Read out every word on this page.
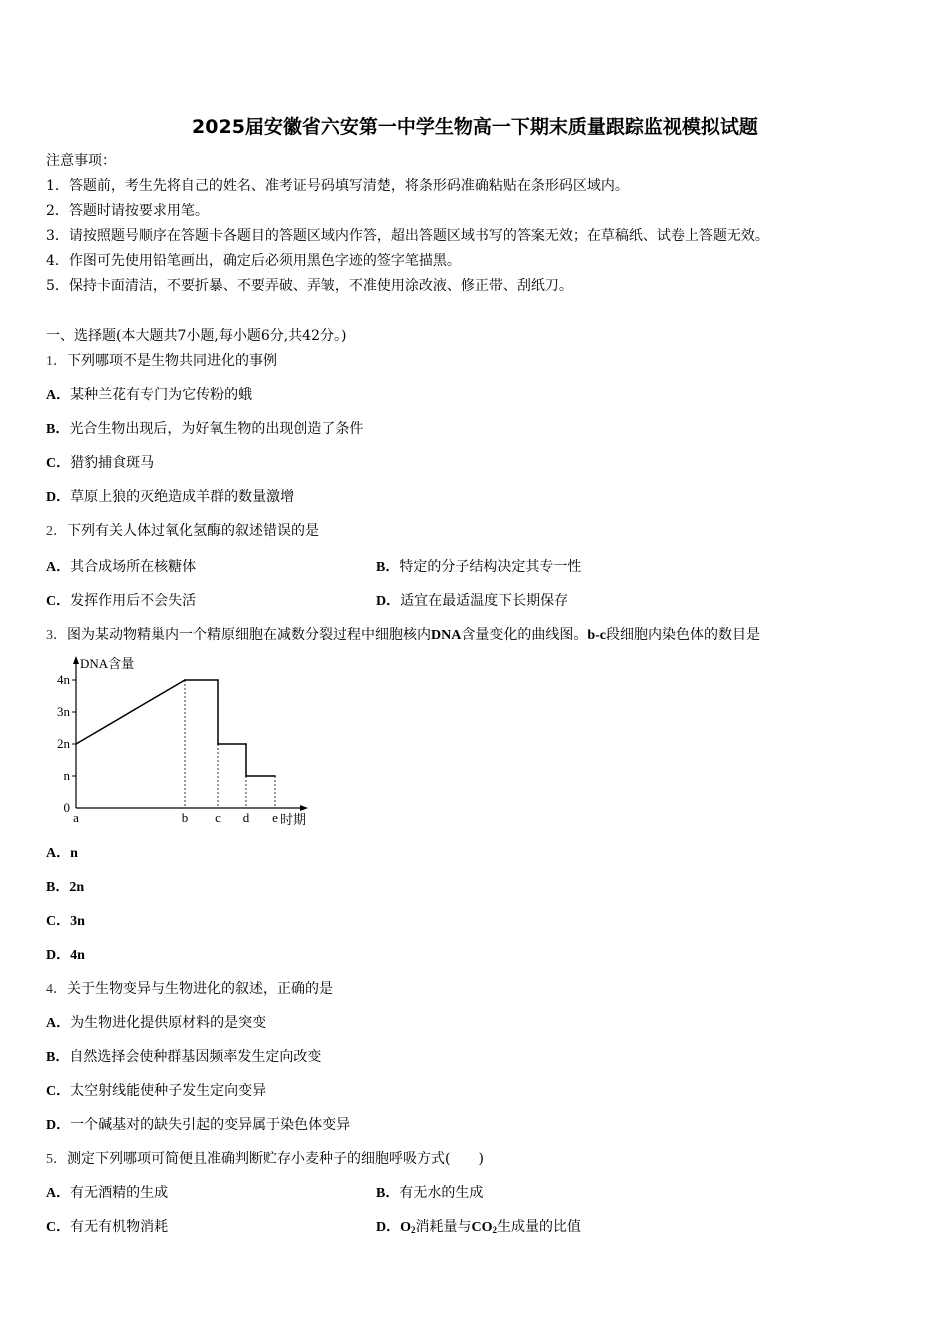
2025届安徽省六安第一中学生物高一下期末质量跟踪监视模拟试题
注意事项：
1．答题前，考生先将自己的姓名、准考证号码填写清楚，将条形码准确粘贴在条形码区域内。
2．答题时请按要求用笔。
3．请按照题号顺序在答题卡各题目的答题区域内作答，超出答题区域书写的答案无效；在草稿纸、试卷上答题无效。
4．作图可先使用铅笔画出，确定后必须用黑色字迹的签字笔描黑。
5．保持卡面清洁，不要折暴、不要弄破、弄皱，不准使用涂改液、修正带、刮纸刀。
一、选择题(本大题共7小题,每小题6分,共42分。)
1．下列哪项不是生物共同进化的事例
A．某种兰花有专门为它传粉的蛾
B．光合生物出现后，为好氧生物的出现创造了条件
C．猎豹捕食斑马
D．草原上狼的灭绝造成羊群的数量激增
2．下列有关人体过氧化氢酶的叙述错误的是
A．其合成场所在核糖体	B．特定的分子结构决定其专一性
C．发挥作用后不会失活	D．适宜在最适温度下长期保存
3．图为某动物精巢内一个精原细胞在减数分裂过程中细胞核内DNA含量变化的曲线图。b-c段细胞内染色体的数目是
DNA含量
时期
0
n
2n
3n
4n
a	b c d e
A．n
B．2n
C．3n
D．4n
4．关于生物变异与生物进化的叙述，正确的是
A．为生物进化提供原材料的是突变
B．自然选择会使种群基因频率发生定向改变
C．太空射线能使种子发生定向变异
D．一个碱基对的缺失引起的变异属于染色体变异
5．测定下列哪项可简便且准确判断贮存小麦种子的细胞呼吸方式(　　)
A．有无酒精的生成	B．有无水的生成
C．有无有机物消耗	D．$O_2$消耗量与$CO_2$生成量的比值
